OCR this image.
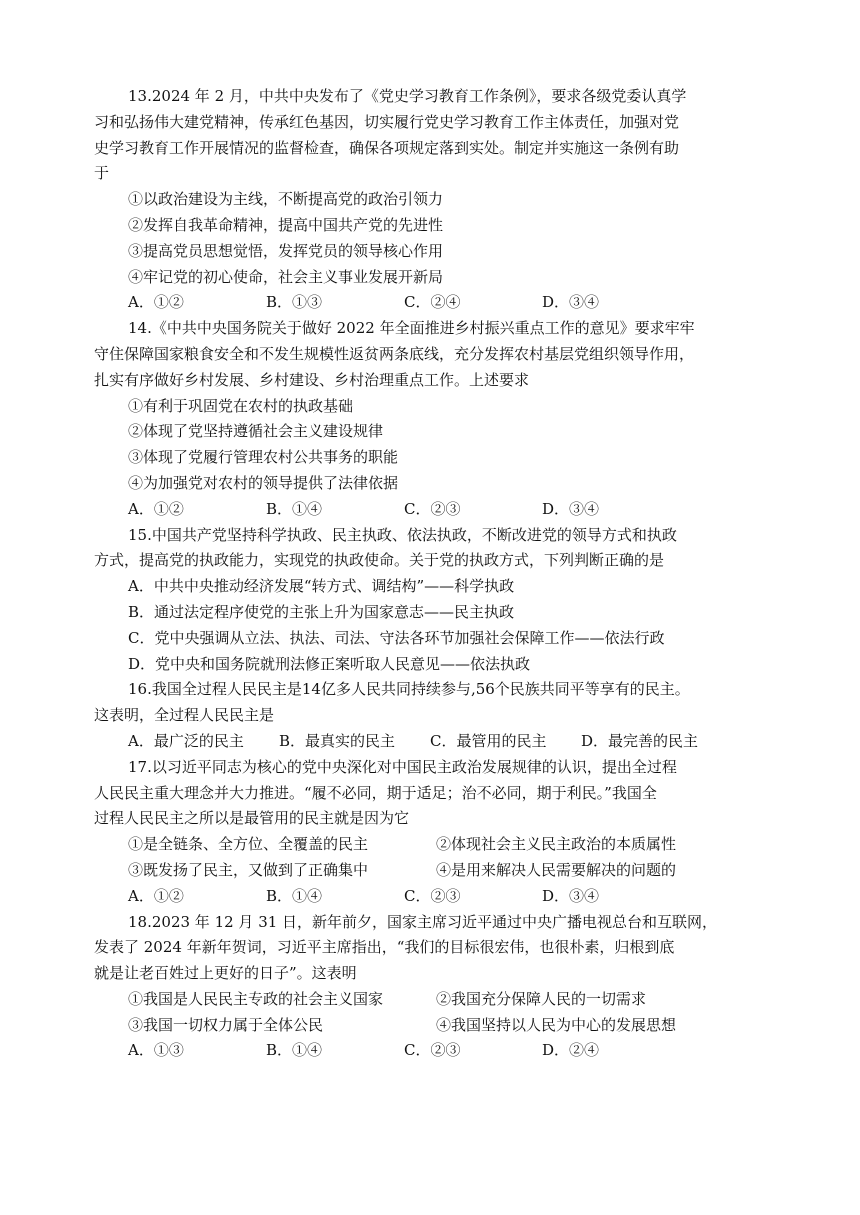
13.2024 年 2 月，中共中央发布了《党史学习教育工作条例》，要求各级党委认真学
习和弘扬伟大建党精神，传承红色基因，切实履行党史学习教育工作主体责任，加强对党
史学习教育工作开展情况的监督检查，确保各项规定落到实处。制定并实施这一条例有助
于
①以政治建设为主线，不断提高党的政治引领力
②发挥自我革命精神，提高中国共产党的先进性
③提高党员思想觉悟，发挥党员的领导核心作用
④牢记党的初心使命，社会主义事业发展开新局
A．①②	B．①③	C．②④	D．③④
14.《中共中央国务院关于做好 2022 年全面推进乡村振兴重点工作的意见》要求牢牢
守住保障国家粮食安全和不发生规模性返贫两条底线，充分发挥农村基层党组织领导作用，
扎实有序做好乡村发展、乡村建设、乡村治理重点工作。上述要求
①有利于巩固党在农村的执政基础
②体现了党坚持遵循社会主义建设规律
③体现了党履行管理农村公共事务的职能
④为加强党对农村的领导提供了法律依据
A．①②	B．①④	C．②③	D．③④
15.中国共产党坚持科学执政、民主执政、依法执政，不断改进党的领导方式和执政
方式，提高党的执政能力，实现党的执政使命。关于党的执政方式，下列判断正确的是
A．中共中央推动经济发展“转方式、调结构”——科学执政
B．通过法定程序使党的主张上升为国家意志——民主执政
C．党中央强调从立法、执法、司法、守法各环节加强社会保障工作——依法行政
D．党中央和国务院就刑法修正案听取人民意见——依法执政
16.我国全过程人民民主是14亿多人民共同持续参与,56个民族共同平等享有的民主。
这表明，全过程人民民主是
A．最广泛的民主	B．最真实的民主	C．最管用的民主	D．最完善的民主
17.以习近平同志为核心的党中央深化对中国民主政治发展规律的认识，提出全过程
人民民主重大理念并大力推进。“履不必同，期于适足；治不必同，期于利民。”我国全
过程人民民主之所以是最管用的民主就是因为它
①是全链条、全方位、全覆盖的民主	②体现社会主义民主政治的本质属性
③既发扬了民主，又做到了正确集中	④是用来解决人民需要解决的问题的
A．①②	B．①④	C．②③	D．③④
18.2023 年 12 月 31 日，新年前夕，国家主席习近平通过中央广播电视总台和互联网，
发表了 2024 年新年贺词，习近平主席指出，“我们的目标很宏伟，也很朴素，归根到底
就是让老百姓过上更好的日子”。这表明
①我国是人民民主专政的社会主义国家	②我国充分保障人民的一切需求
③我国一切权力属于全体公民	④我国坚持以人民为中心的发展思想
A．①③	B．①④	C．②③	D．②④
